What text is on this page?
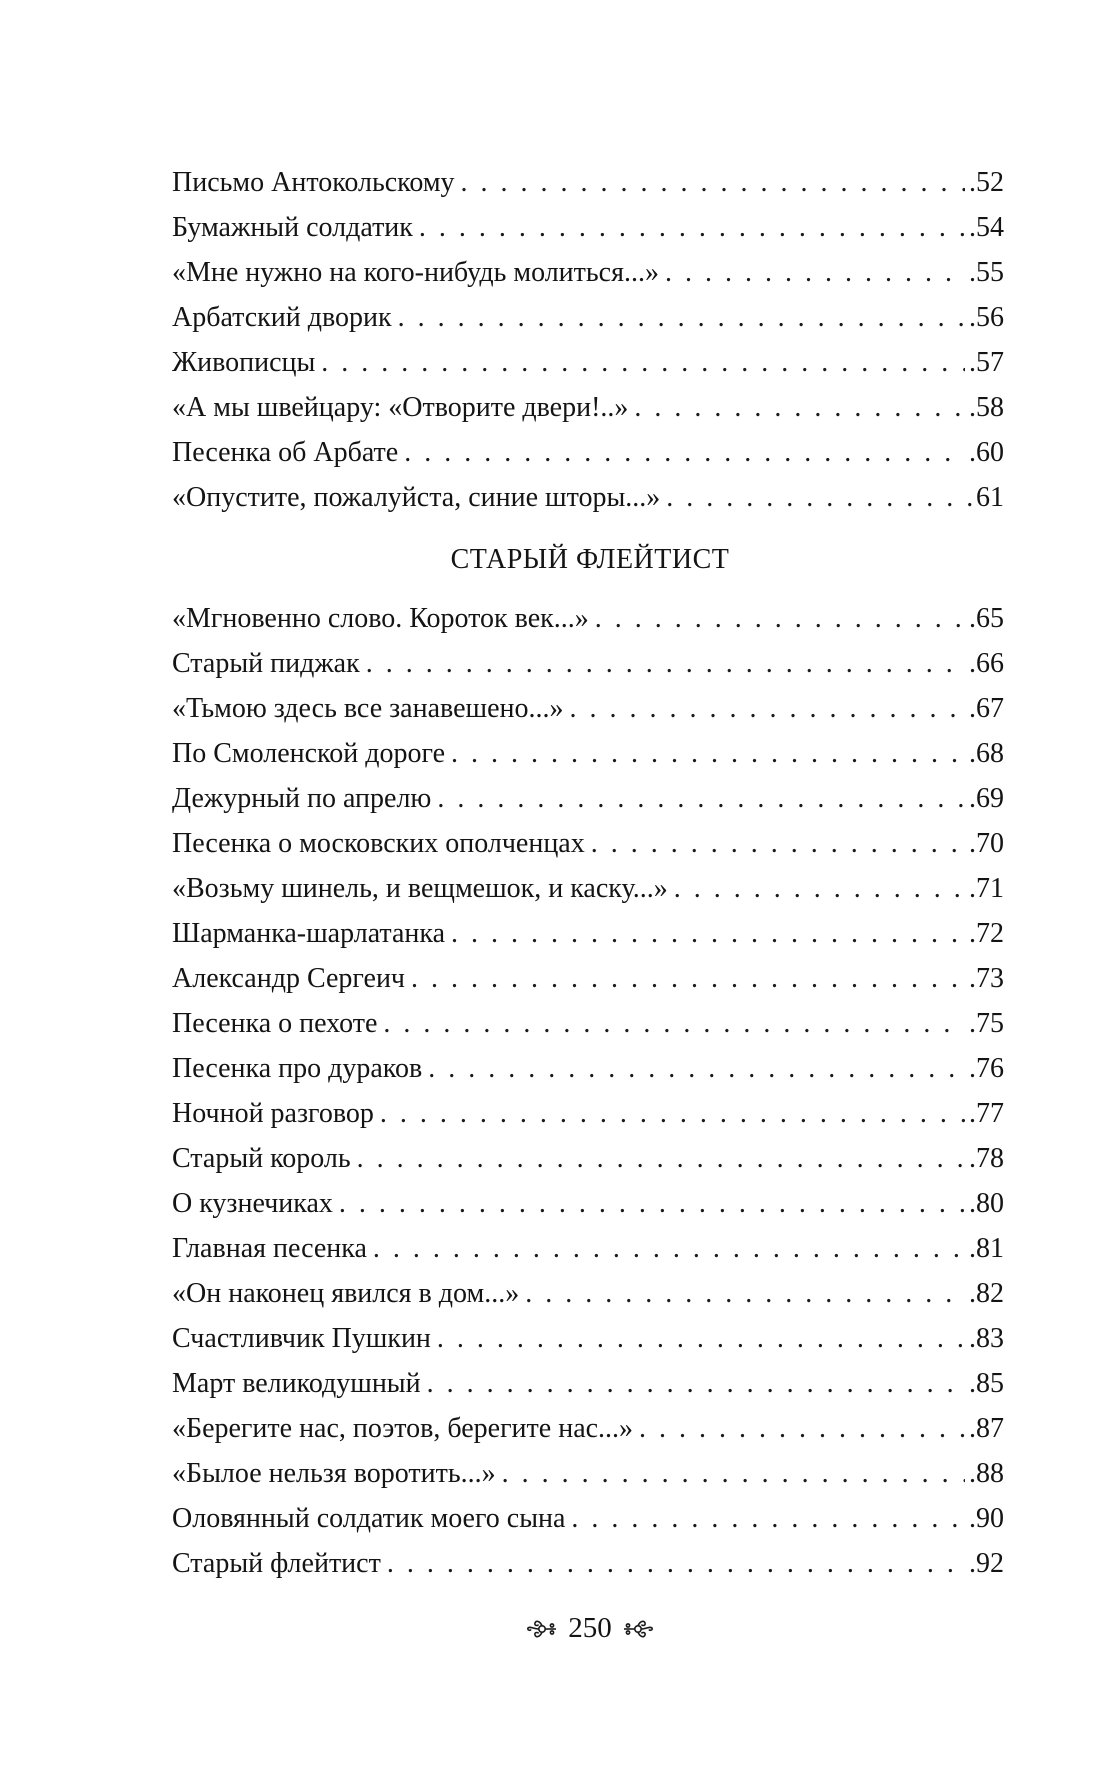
Письмо Антокольскому . . .	.52
Бумажный солдатик . . .	.54
«Мне нужно на кого-нибудь молиться...» . . .	.55
Арбатский дворик . . .	.56
Живописцы . . .	.57
«А мы швейцару: «Отворите двери!..» . . .	.58
Песенка об Арбате . . .	.60
«Опустите, пожалуйста, синие шторы...» . . .	61
СТАРЫЙ ФЛЕЙТИСТ
«Мгновенно слово. Короток век...» . . .	.65
Старый пиджак . . .	.66
«Тьмою здесь все занавешено...» . . .	.67
По Смоленской дороге . . .	.68
Дежурный по апрелю . . .	.69
Песенка о московских ополченцах . . .	.70
«Возьму шинель, и вещмешок, и каску...» . . .	.71
Шарманка-шарлатанка . . .	.72
Александр Сергеич . . .	.73
Песенка о пехоте . . .	.75
Песенка про дураков . . .	.76
Ночной разговор . . .	.77
Старый король . . .	.78
О кузнечиках . . .	.80
Главная песенка . . .	.81
«Он наконец явился в дом...» . . .	.82
Счастливчик Пушкин . . .	.83
Март великодушный . . .	.85
«Берегите нас, поэтов, берегите нас...» . . .	.87
«Былое нельзя воротить...» . . .	.88
Оловянный солдатик моего сына . . .	.90
Старый флейтист . . .	.92
250
